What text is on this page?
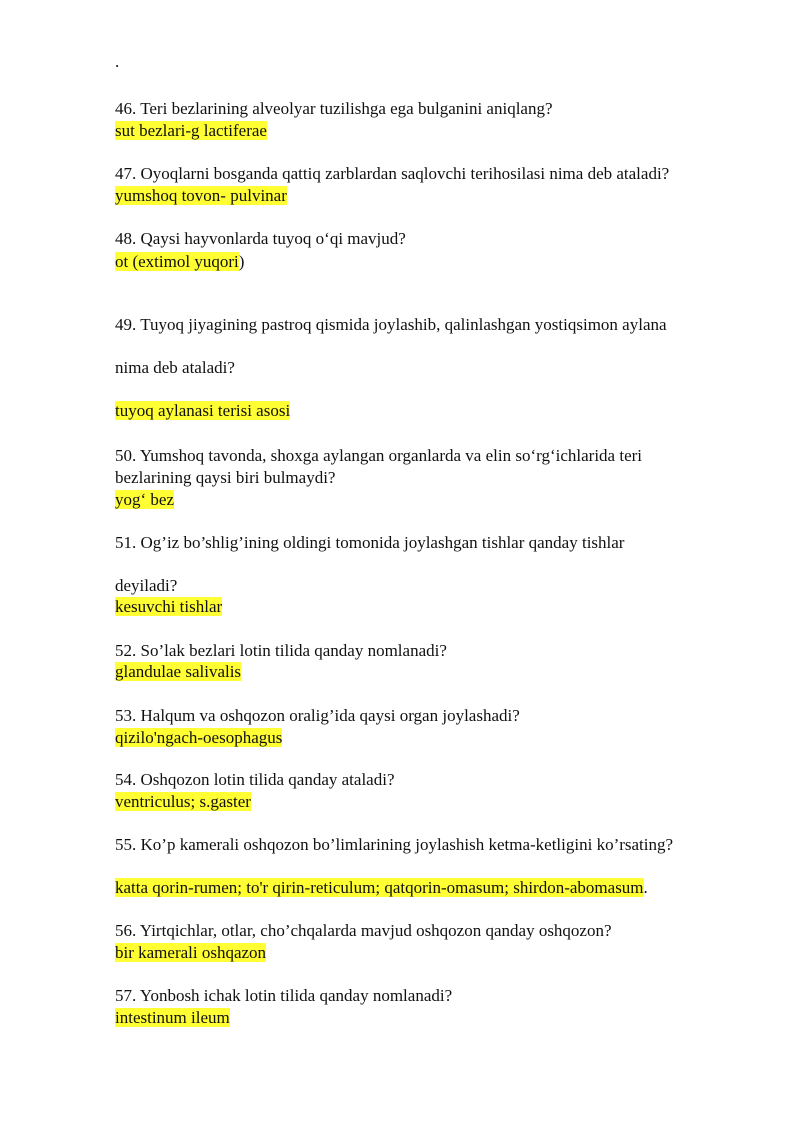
.

46. Teri bezlarining alveolyar tuzilishga ega bulganini aniqlang?

sut bezlari-g lactiferae

47. Oyoqlarni bosganda qattiq zarblardan saqlovchi terihosilasi nima deb ataladi?

yumshoq tovon- pulvinar

48. Qaysi hayvonlarda tuyoq o‘qi mavjud?

ot (extimol yuqori)

49. Tuyoq jiyagining pastroq qismida joylashib, qalinlashgan yostiqsimon aylana

nima deb ataladi?

tuyoq aylanasi terisi asosi

50. Yumshoq tavonda, shoxga aylangan organlarda va elin so‘rg‘ichlarida teri

bezlarining qaysi biri bulmaydi?

yog‘ bez

51. Og’iz bo’shlig’ining oldingi tomonida joylashgan tishlar qanday tishlar

deyiladi?

kesuvchi tishlar

52. So’lak bezlari lotin tilida qanday nomlanadi?

glandulae salivalis

53. Halqum va oshqozon oralig’ida qaysi organ joylashadi?

qizilo'ngach-oesophagus

54. Oshqozon lotin tilida qanday ataladi?

ventriculus; s.gaster

55. Ko’p kamerali oshqozon bo’limlarining joylashish ketma-ketligini ko’rsating?

katta qorin-rumen; to'r qirin-reticulum; qatqorin-omasum; shirdon-abomasum.

56. Yirtqichlar, otlar, cho’chqalarda mavjud oshqozon qanday oshqozon?

bir kamerali oshqazon

57. Yonbosh ichak lotin tilida qanday nomlanadi?

intestinum ileum
